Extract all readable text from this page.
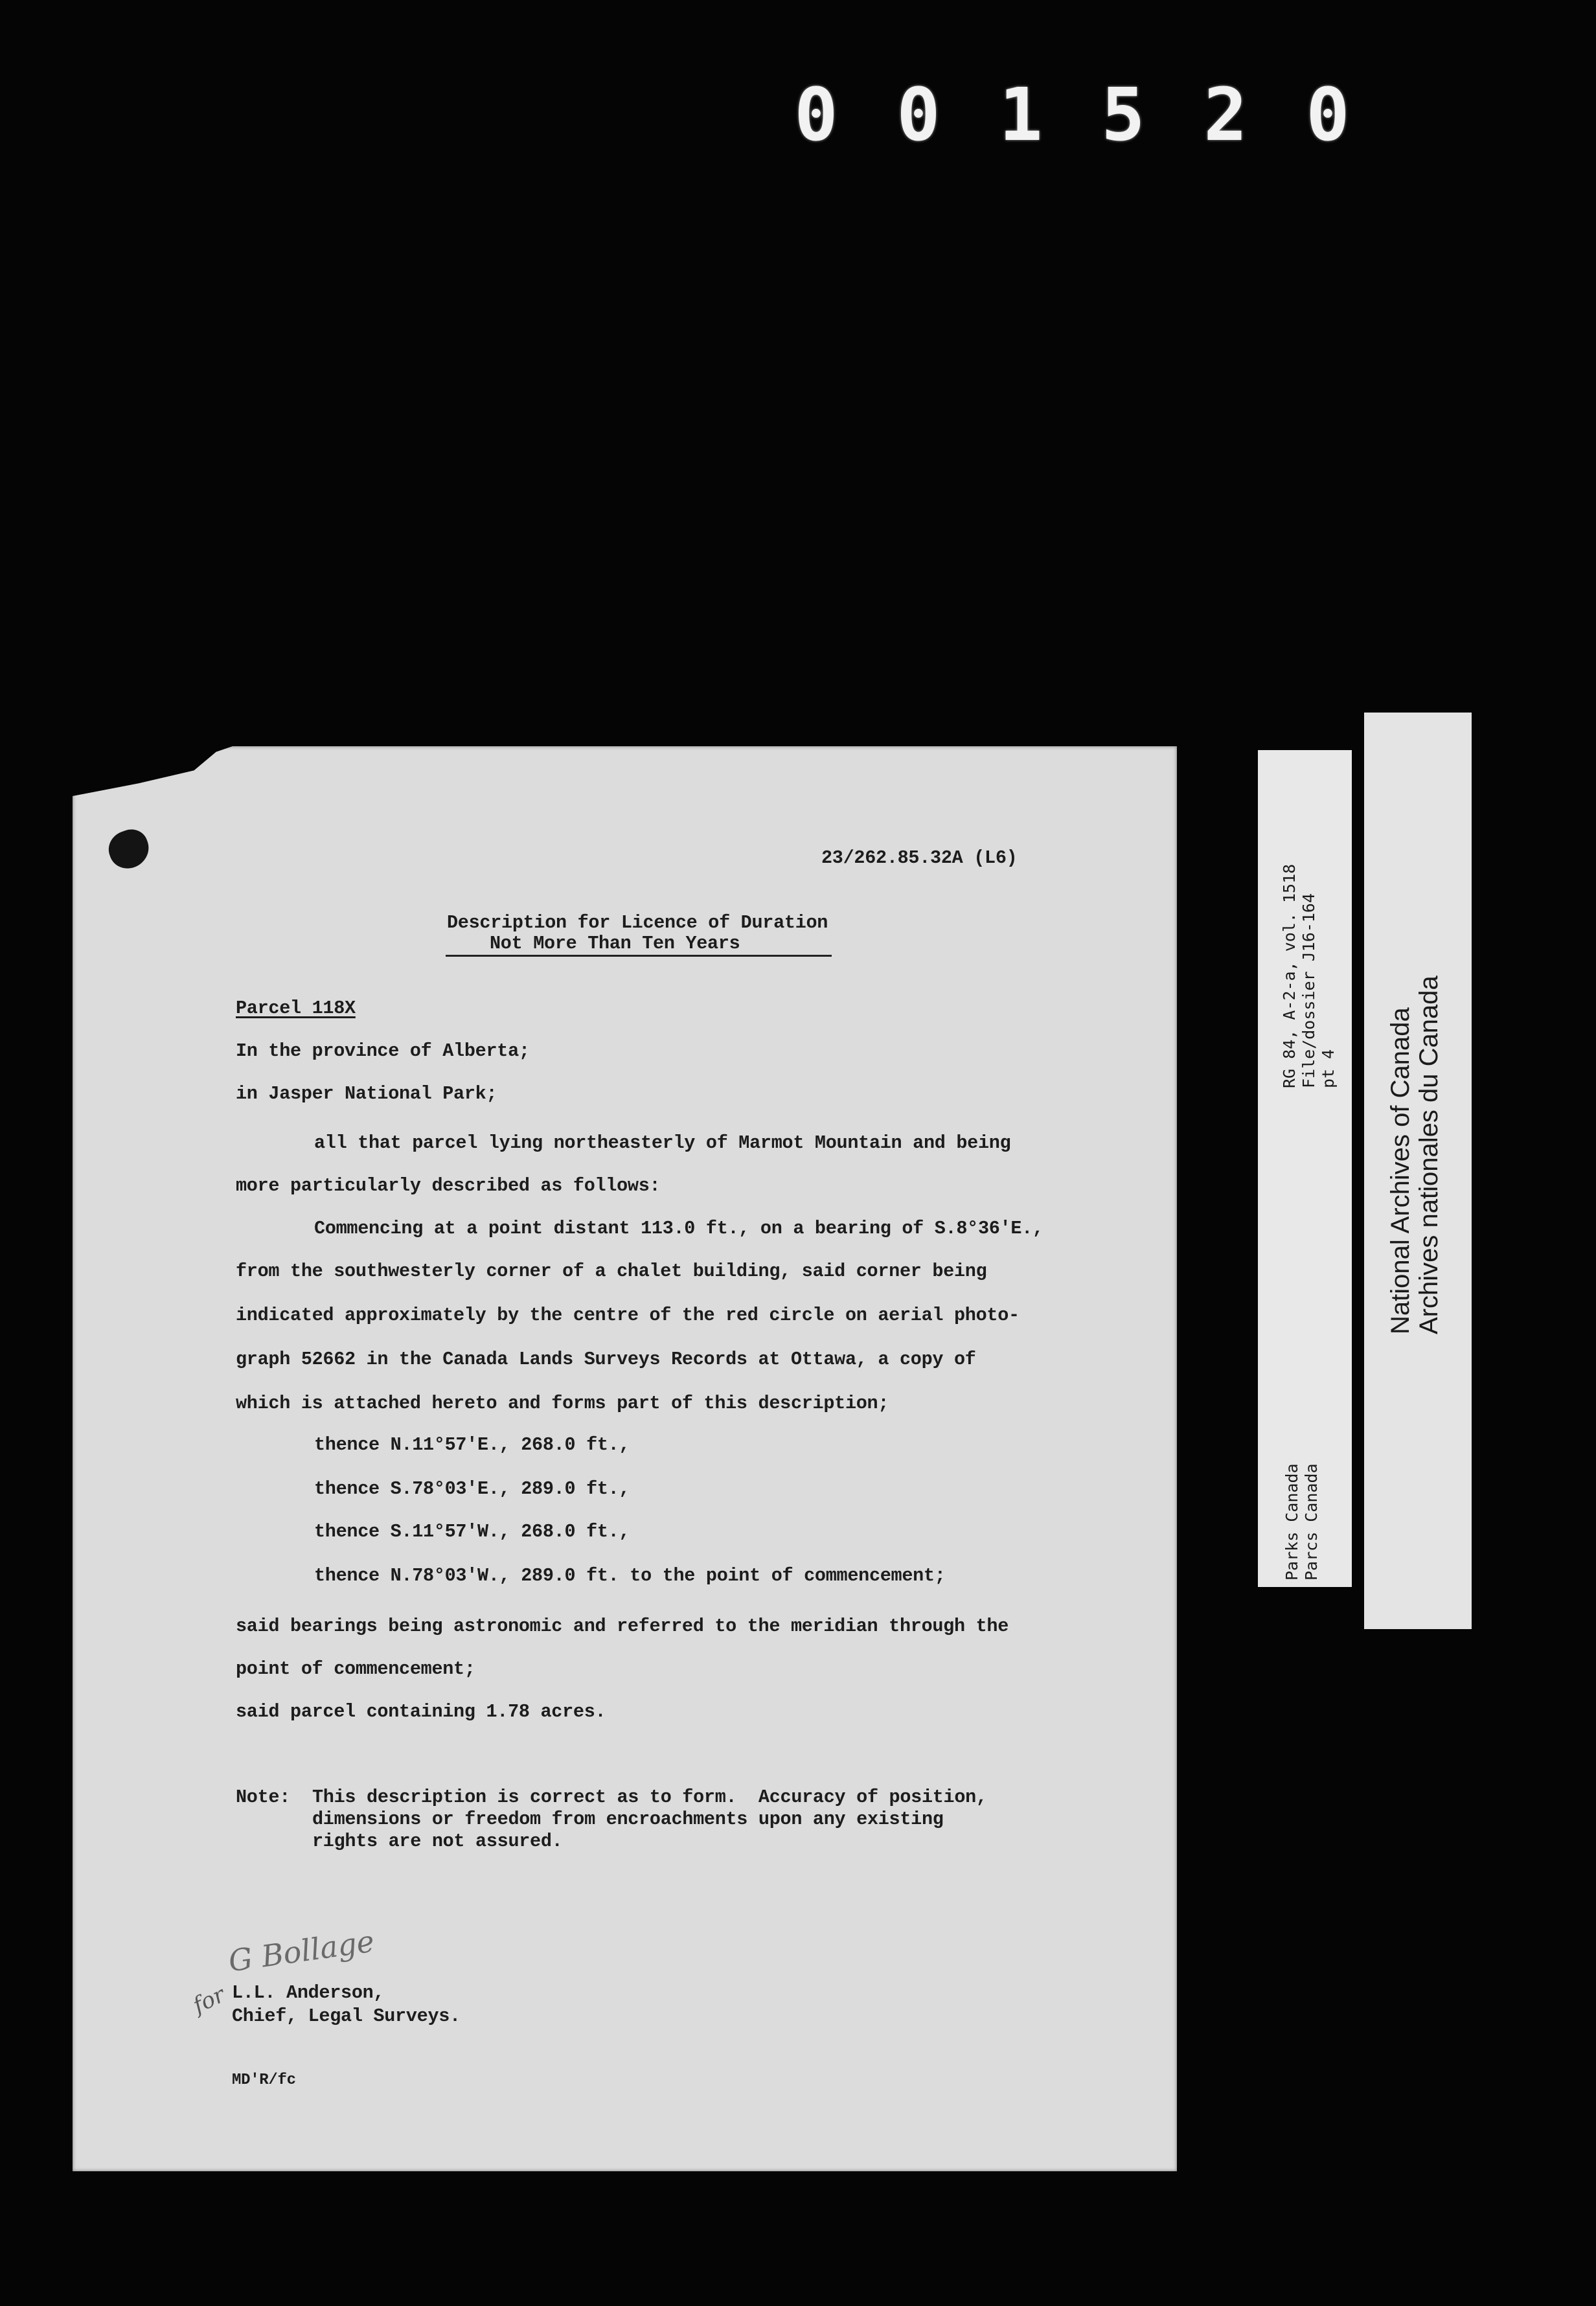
0 0 1 5 2 0
23/262.85.32A (L6)
Description for Licence of Duration
Not More Than Ten Years
Parcel 118X
In the province of Alberta;
in Jasper National Park;
all that parcel lying northeasterly of Marmot Mountain and being
more particularly described as follows:
Commencing at a point distant 113.0 ft., on a bearing of S.8°36'E.,
from the southwesterly corner of a chalet building, said corner being
indicated approximately by the centre of the red circle on aerial photo-
graph 52662 in the Canada Lands Surveys Records at Ottawa, a copy of
which is attached hereto and forms part of this description;
thence N.11°57'E., 268.0 ft.,
thence S.78°03'E., 289.0 ft.,
thence S.11°57'W., 268.0 ft.,
thence N.78°03'W., 289.0 ft. to the point of commencement;
said bearings being astronomic and referred to the meridian through the
point of commencement;
said parcel containing 1.78 acres.
Note: This description is correct as to form.  Accuracy of position,
dimensions or freedom from encroachments upon any existing
rights are not assured.
G Bollage
for L.L. Anderson,
Chief, Legal Surveys.
MD'R/fc
RG 84, A-2-a, vol. 1518
File/dossier J16-164
pt 4
Parks Canada
Parcs Canada
National Archives of Canada
Archives nationales du Canada
